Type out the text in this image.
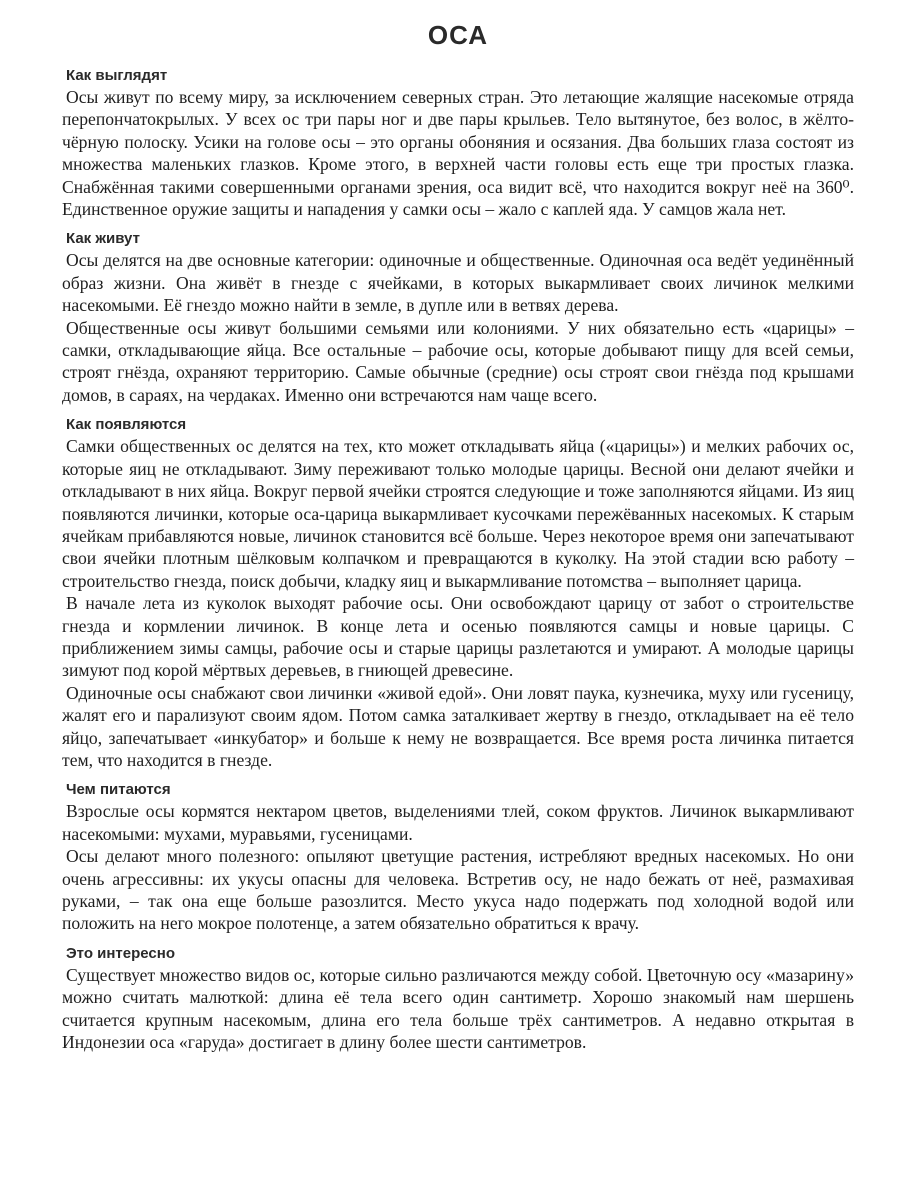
ОСА
Как выглядят

Осы живут по всему миру, за исключением северных стран. Это летающие жалящие насекомые отряда перепончатокрылых. У всех ос три пары ног и две пары крыльев. Тело вытянутое, без волос, в жёлто-чёрную полоску. Усики на голове осы – это органы обоняния и осязания. Два больших глаза состоят из множества маленьких глазков. Кроме этого, в верхней части головы есть еще три простых глазка. Снабжённая такими совершенными органами зрения, оса видит всё, что находится вокруг неё на 360⁰. Единственное оружие защиты и нападения у самки осы – жало с каплей яда. У самцов жала нет.

Как живут

Осы делятся на две основные категории: одиночные и общественные. Одиночная оса ведёт уединённый образ жизни. Она живёт в гнезде с ячейками, в которых выкармливает своих личинок мелкими насекомыми. Её гнездо можно найти в земле, в дупле или в ветвях дерева.

Общественные осы живут большими семьями или колониями. У них обязательно есть «царицы» – самки, откладывающие яйца. Все остальные – рабочие осы, которые добывают пищу для всей семьи, строят гнёзда, охраняют территорию. Самые обычные (средние) осы строят свои гнёзда под крышами домов, в сараях, на чердаках. Именно они встречаются нам чаще всего.

Как появляются

Самки общественных ос делятся на тех, кто может откладывать яйца («царицы») и мелких рабочих ос, которые яиц не откладывают. Зиму переживают только молодые царицы. Весной они делают ячейки и откладывают в них яйца. Вокруг первой ячейки строятся следующие и тоже заполняются яйцами. Из яиц появляются личинки, которые оса-царица выкармливает кусочками пережёванных насекомых. К старым ячейкам прибавляются новые, личинок становится всё больше. Через некоторое время они запечатывают свои ячейки плотным шёлковым колпачком и превращаются в куколку. На этой стадии всю работу – строительство гнезда, поиск добычи, кладку яиц и выкармливание потомства – выполняет царица.

В начале лета из куколок выходят рабочие осы. Они освобождают царицу от забот о строительстве гнезда и кормлении личинок. В конце лета и осенью появляются самцы и новые царицы. С приближением зимы самцы, рабочие осы и старые царицы разлетаются и умирают. А молодые царицы зимуют под корой мёртвых деревьев, в гниющей древесине.

Одиночные осы снабжают свои личинки «живой едой». Они ловят паука, кузнечика, муху или гусеницу, жалят его и парализуют своим ядом. Потом самка заталкивает жертву в гнездо, откладывает на её тело яйцо, запечатывает «инкубатор» и больше к нему не возвращается. Все время роста личинка питается тем, что находится в гнезде.

Чем питаются

Взрослые осы кормятся нектаром цветов, выделениями тлей, соком фруктов. Личинок выкармливают насекомыми: мухами, муравьями, гусеницами.

Осы делают много полезного: опыляют цветущие растения, истребляют вредных насекомых. Но они очень агрессивны: их укусы опасны для человека. Встретив осу, не надо бежать от неё, размахивая руками, – так она еще больше разозлится. Место укуса надо подержать под холодной водой или положить на него мокрое полотенце, а затем обязательно обратиться к врачу.

Это интересно

Существует множество видов ос, которые сильно различаются между собой. Цветочную осу «мазарину» можно считать малюткой: длина её тела всего один сантиметр. Хорошо знакомый нам шершень считается крупным насекомым, длина его тела больше трёх сантиметров. А недавно открытая в Индонезии оса «гаруда» достигает в длину более шести сантиметров.
